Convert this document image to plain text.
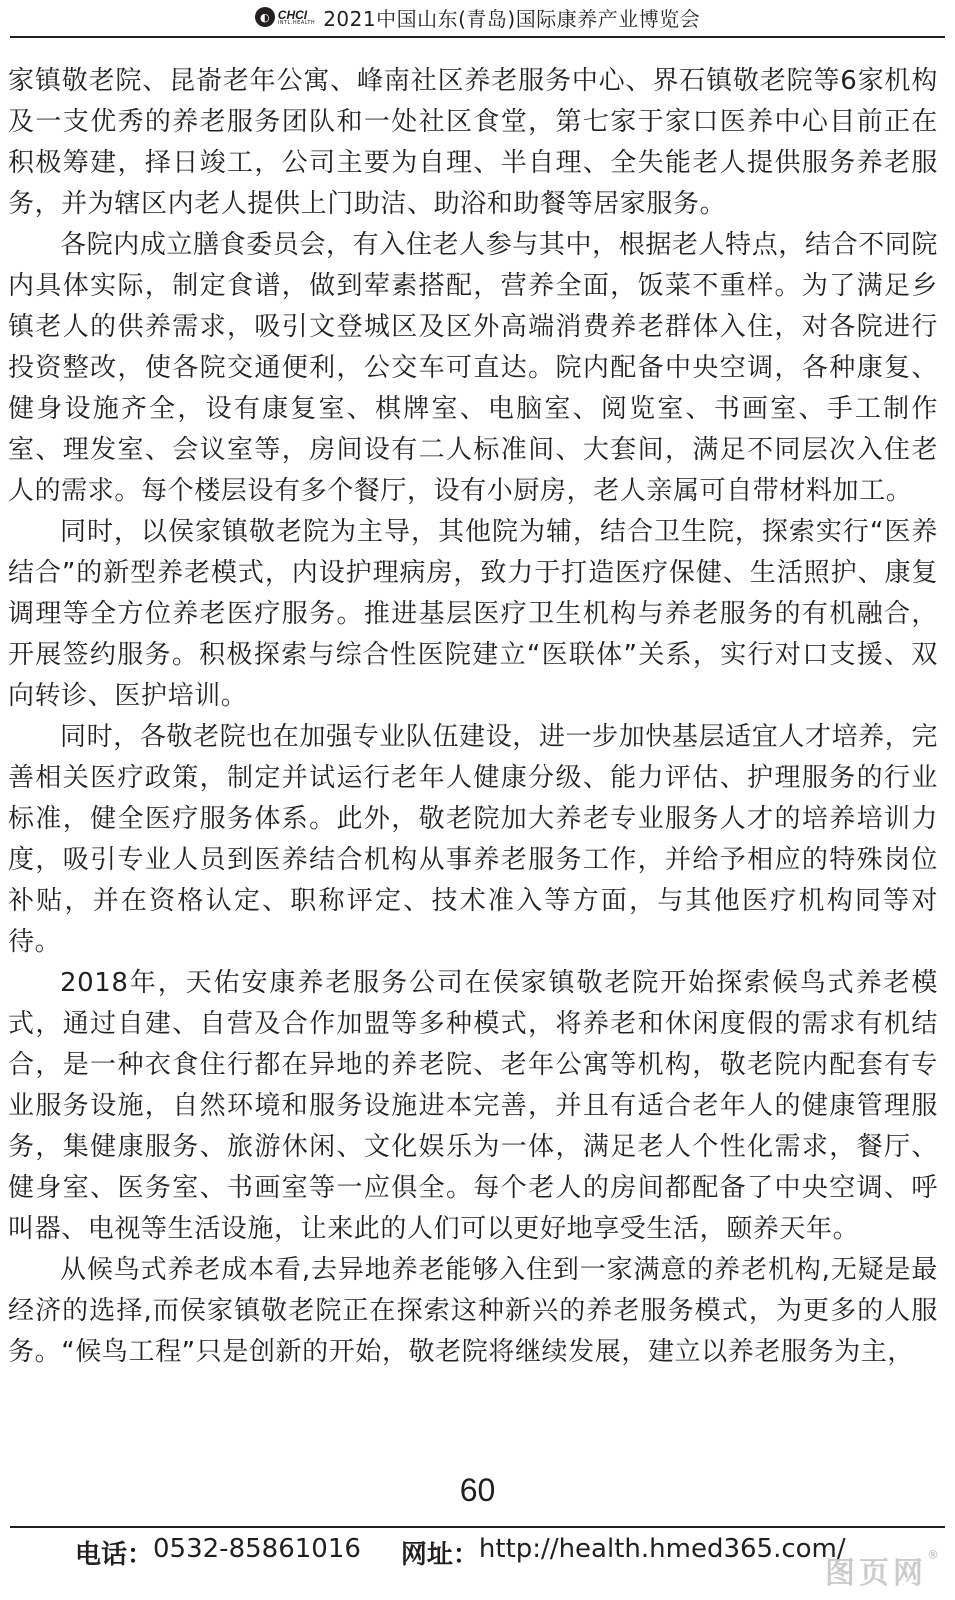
◐ CHCI
INTL.HEALTH 2021中国山东(青岛)国际康养产业博览会

家镇敬老院、昆嵛老年公寓、峰南社区养老服务中心、界石镇敬老院等6家机构及一支优秀的养老服务团队和一处社区食堂，第七家于家口医养中心目前正在积极筹建，择日竣工，公司主要为自理、半自理、全失能老人提供服务养老服务，并为辖区内老人提供上门助洁、助浴和助餐等居家服务。

各院内成立膳食委员会，有入住老人参与其中，根据老人特点，结合不同院内具体实际，制定食谱，做到荤素搭配，营养全面，饭菜不重样。为了满足乡镇老人的供养需求，吸引文登城区及区外高端消费养老群体入住，对各院进行投资整改，使各院交通便利，公交车可直达。院内配备中央空调，各种康复、健身设施齐全，设有康复室、棋牌室、电脑室、阅览室、书画室、手工制作室、理发室、会议室等，房间设有二人标准间、大套间，满足不同层次入住老人的需求。每个楼层设有多个餐厅，设有小厨房，老人亲属可自带材料加工。

同时，以侯家镇敬老院为主导，其他院为辅，结合卫生院，探索实行“医养结合”的新型养老模式，内设护理病房，致力于打造医疗保健、生活照护、康复调理等全方位养老医疗服务。推进基层医疗卫生机构与养老服务的有机融合，开展签约服务。积极探索与综合性医院建立“医联体”关系，实行对口支援、双向转诊、医护培训。

同时，各敬老院也在加强专业队伍建设，进一步加快基层适宜人才培养，完善相关医疗政策，制定并试运行老年人健康分级、能力评估、护理服务的行业标准，健全医疗服务体系。此外，敬老院加大养老专业服务人才的培养培训力度，吸引专业人员到医养结合机构从事养老服务工作，并给予相应的特殊岗位补贴，并在资格认定、职称评定、技术准入等方面，与其他医疗机构同等对待。

2018年，天佑安康养老服务公司在侯家镇敬老院开始探索候鸟式养老模式，通过自建、自营及合作加盟等多种模式，将养老和休闲度假的需求有机结合，是一种衣食住行都在异地的养老院、老年公寓等机构，敬老院内配套有专业服务设施，自然环境和服务设施进本完善，并且有适合老年人的健康管理服务，集健康服务、旅游休闲、文化娱乐为一体，满足老人个性化需求，餐厅、健身室、医务室、书画室等一应俱全。每个老人的房间都配备了中央空调、呼叫器、电视等生活设施，让来此的人们可以更好地享受生活，颐养天年。

从候鸟式养老成本看,去异地养老能够入住到一家满意的养老机构,无疑是最经济的选择,而侯家镇敬老院正在探索这种新兴的养老服务模式，为更多的人服务。“候鸟工程”只是创新的开始，敬老院将继续发展，建立以养老服务为主，

60
电话： 0532-85861016 网址： http://health.hmed365.com/
图页网®
